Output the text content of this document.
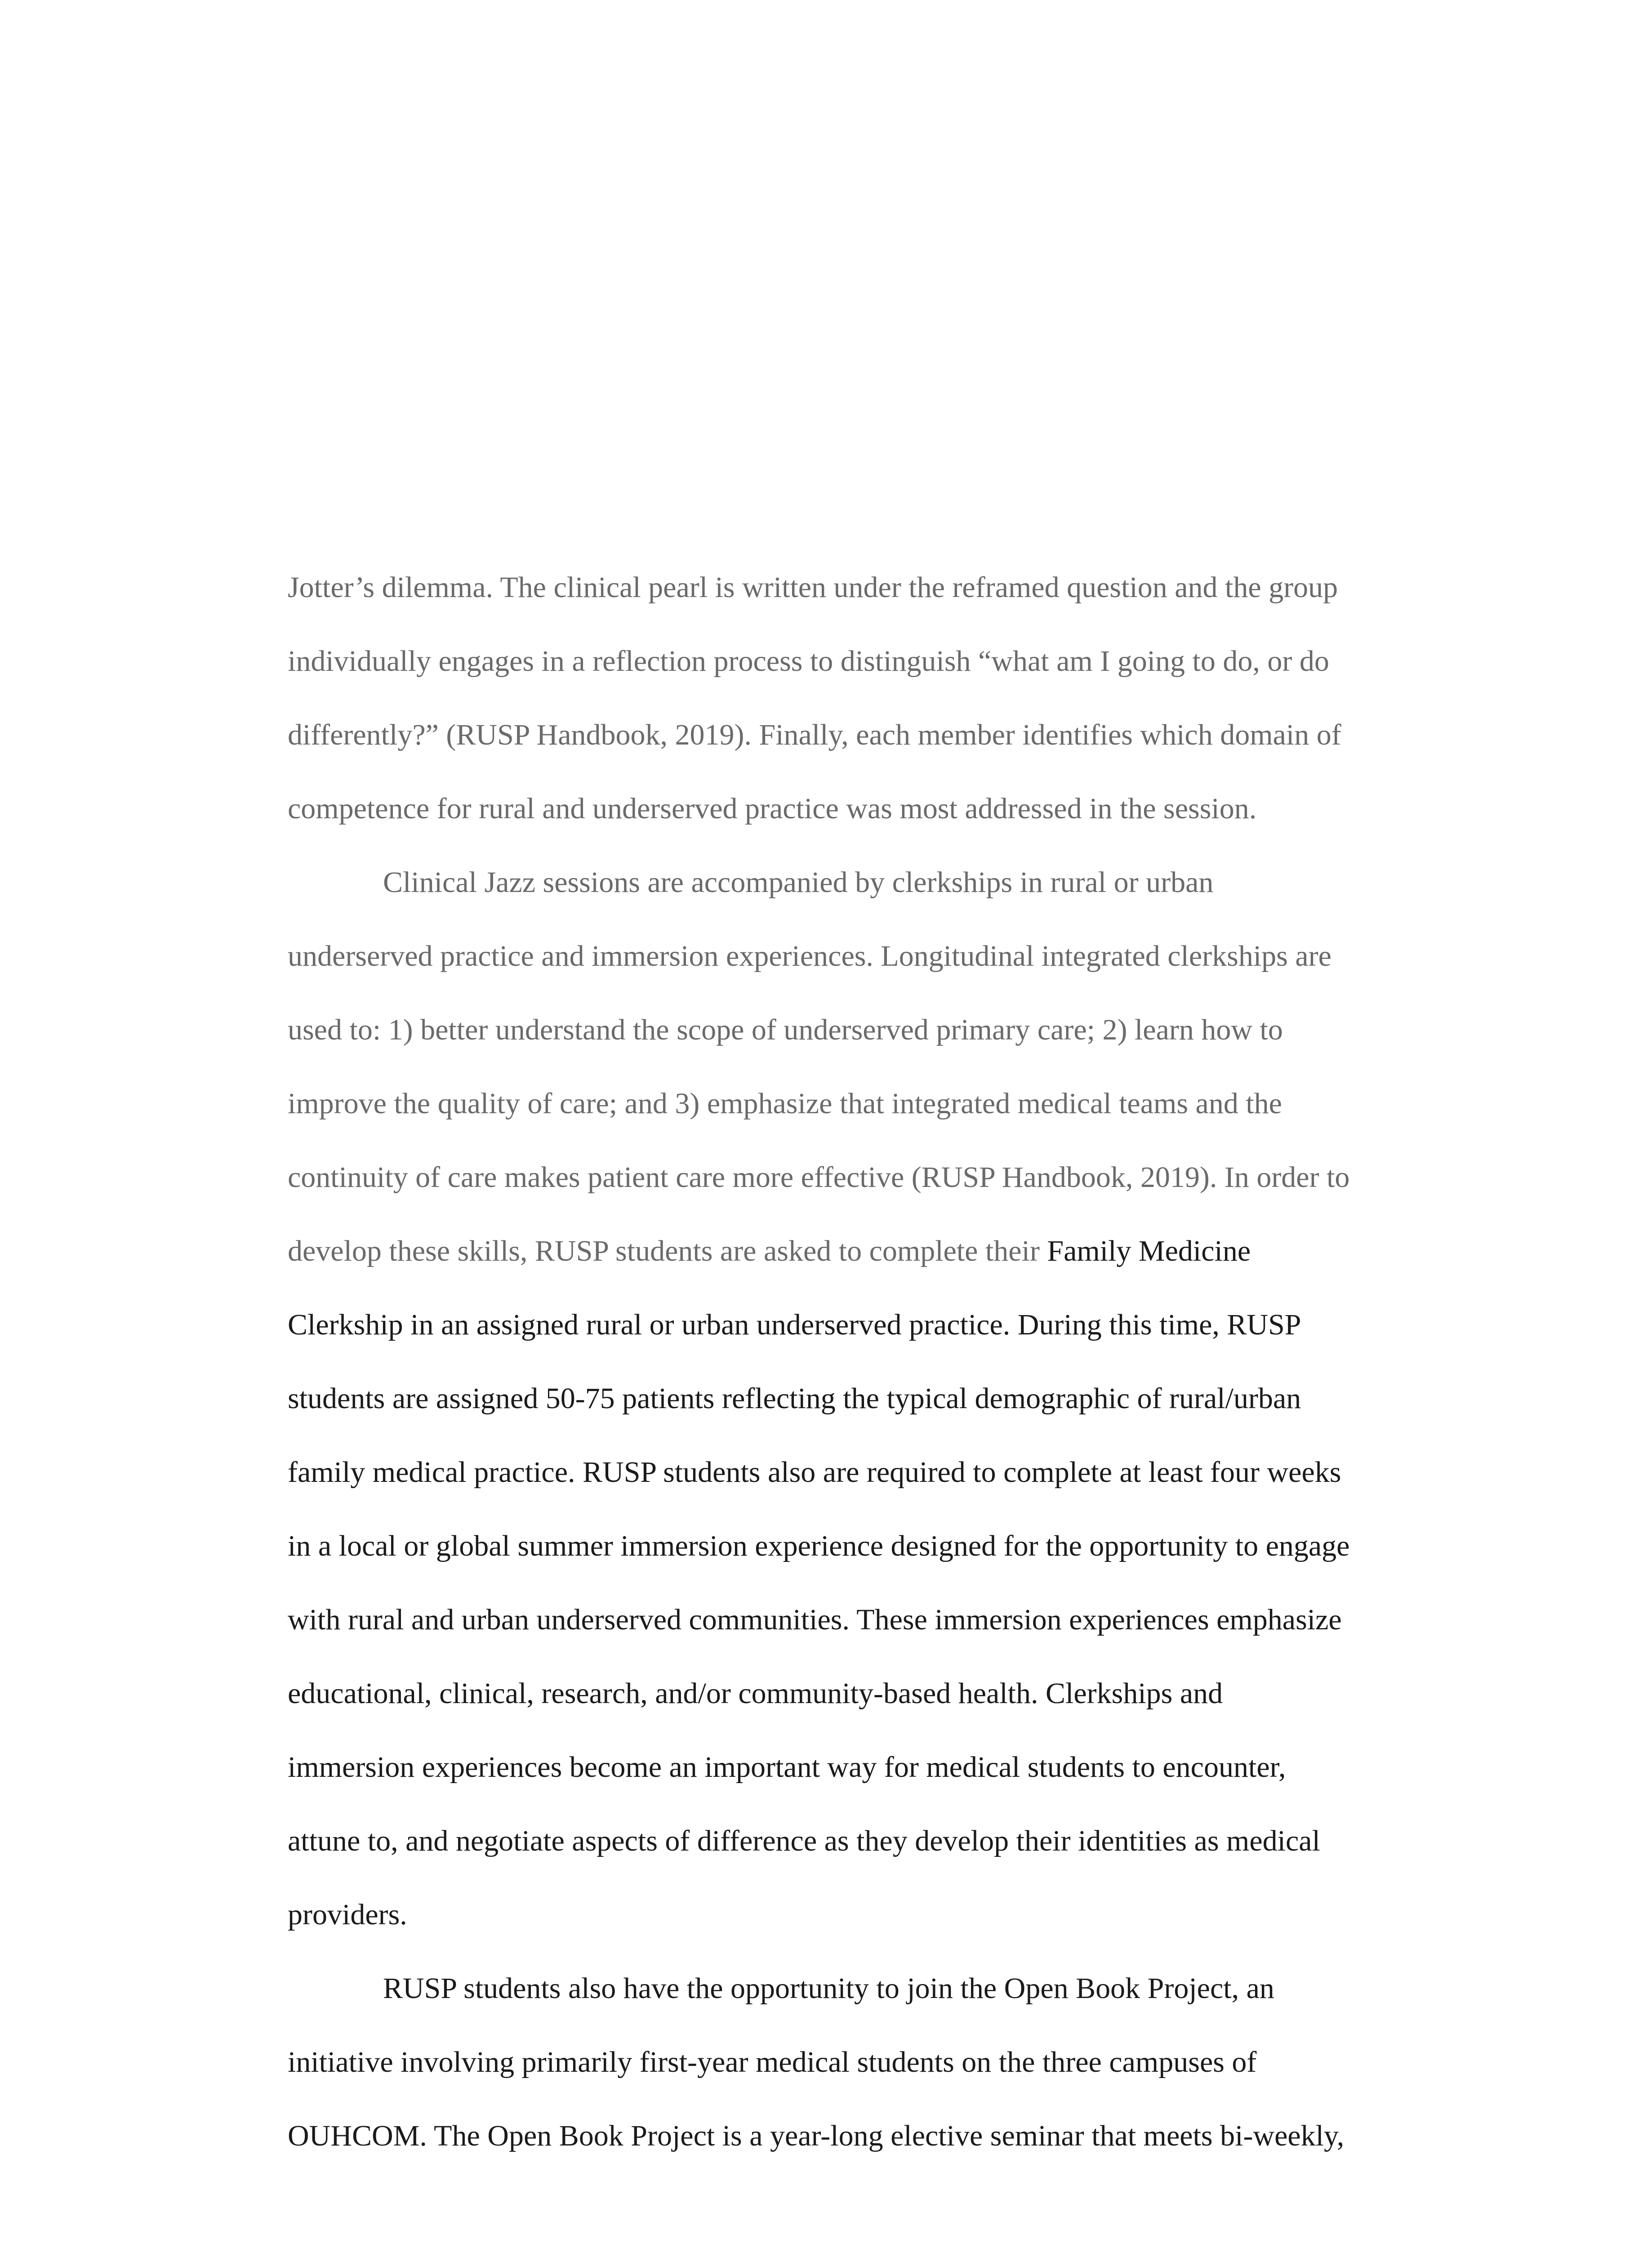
Jotter’s dilemma. The clinical pearl is written under the reframed question and the group
individually engages in a reflection process to distinguish “what am I going to do, or do
differently?” (RUSP Handbook, 2019). Finally, each member identifies which domain of
competence for rural and underserved practice was most addressed in the session.
Clinical Jazz sessions are accompanied by clerkships in rural or urban
underserved practice and immersion experiences. Longitudinal integrated clerkships are
used to: 1) better understand the scope of underserved primary care; 2) learn how to
improve the quality of care; and 3) emphasize that integrated medical teams and the
continuity of care makes patient care more effective (RUSP Handbook, 2019). In order to
develop these skills, RUSP students are asked to complete their Family Medicine
Clerkship in an assigned rural or urban underserved practice. During this time, RUSP
students are assigned 50-75 patients reflecting the typical demographic of rural/urban
family medical practice. RUSP students also are required to complete at least four weeks
in a local or global summer immersion experience designed for the opportunity to engage
with rural and urban underserved communities. These immersion experiences emphasize
educational, clinical, research, and/or community-based health. Clerkships and
immersion experiences become an important way for medical students to encounter,
attune to, and negotiate aspects of difference as they develop their identities as medical
providers.
RUSP students also have the opportunity to join the Open Book Project, an
initiative involving primarily first-year medical students on the three campuses of
OUHCOM. The Open Book Project is a year-long elective seminar that meets bi-weekly,
